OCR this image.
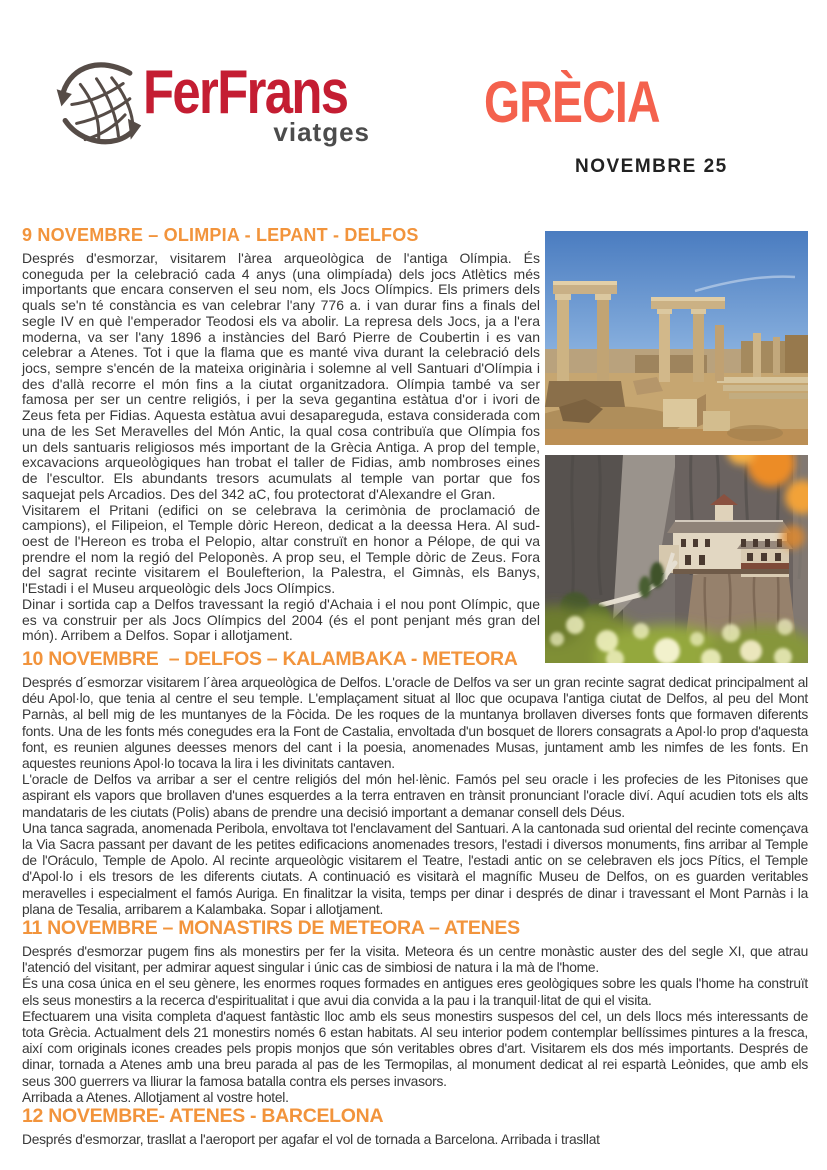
FerFrans
viatges GRÈCIA
NOVEMBRE 25
9 NOVEMBRE – OLIMPIA - LEPANT - DELFOS

Després d'esmorzar, visitarem l'àrea arqueològica de l'antiga Olímpia. És coneguda per la celebració cada 4 anys (una olimpíada) dels jocs Atlètics més importants que encara conserven el seu nom, els Jocs Olímpics. Els primers dels quals se'n té constància es van celebrar l'any 776 a. i van durar fins a finals del segle IV en què l'emperador Teodosi els va abolir. La represa dels Jocs, ja a l'era moderna, va ser l'any 1896 a instàncies del Baró Pierre de Coubertin i es van celebrar a Atenes. Tot i que la flama que es manté viva durant la celebració dels jocs, sempre s'encén de la mateixa originària i solemne al vell Santuari d'Olímpia i des d'allà recorre el món fins a la ciutat organitzadora. Olímpia també va ser famosa per ser un centre religiós, i per la seva gegantina estàtua d'or i ivori de Zeus feta per Fidias. Aquesta estàtua avui desapareguda, estava considerada com una de les Set Meravelles del Món Antic, la qual cosa contribuïa que Olímpia fos un dels santuaris religiosos més important de la Grècia Antiga. A prop del temple, excavacions arqueològiques han trobat el taller de Fidias, amb nombroses eines de l'escultor. Els abundants tresors acumulats al temple van portar que fos saquejat pels Arcadios. Des del 342 aC, fou protectorat d'Alexandre el Gran.

Visitarem el Pritani (edifici on se celebrava la cerimònia de proclamació de campions), el Filipeion, el Temple dòric Hereon, dedicat a la deessa Hera. Al sud-oest de l'Hereon es troba el Pelopio, altar construït en honor a Pélope, de qui va prendre el nom la regió del Peloponès. A prop seu, el Temple dòric de Zeus. Fora del sagrat recinte visitarem el Boulefterion, la Palestra, el Gimnàs, els Banys, l'Estadi i el Museu arqueològic dels Jocs Olímpics.

Dinar i sortida cap a Delfos travessant la regió d'Achaia i el nou pont Olímpic, que es va construir per als Jocs Olímpics del 2004 (és el pont penjant més gran del món). Arribem a Delfos. Sopar i allotjament.

10 NOVEMBRE  – DELFOS – KALAMBAKA - METEORA

Després d´esmorzar visitarem l´àrea arqueològica de Delfos. L'oracle de Delfos va ser un gran recinte sagrat dedicat principalment al déu Apol·lo, que tenia al centre el seu temple. L'emplaçament situat al lloc que ocupava l'antiga ciutat de Delfos, al peu del Mont Parnàs, al bell mig de les muntanyes de la Fòcida. De les roques de la muntanya brollaven diverses fonts que formaven diferents fonts. Una de les fonts més conegudes era la Font de Castalia, envoltada d'un bosquet de llorers consagrats a Apol·lo prop d'aquesta font, es reunien algunes deesses menors del cant i la poesia, anomenades Musas, juntament amb les nimfes de les fonts. En aquestes reunions Apol·lo tocava la lira i les divinitats cantaven.

L'oracle de Delfos va arribar a ser el centre religiós del món hel·lènic. Famós pel seu oracle i les profecies de les Pitonises que aspirant els vapors que brollaven d'unes esquerdes a la terra entraven en trànsit pronunciant l'oracle diví. Aquí acudien tots els alts mandataris de les ciutats (Polis) abans de prendre una decisió important a demanar consell dels Déus.

Una tanca sagrada, anomenada Peribola, envoltava tot l'enclavament del Santuari. A la cantonada sud oriental del recinte començava la Via Sacra passant per davant de les petites edificacions anomenades tresors, l'estadi i diversos monuments, fins arribar al Temple de l'Oráculo, Temple de Apolo. Al recinte arqueològic visitarem el Teatre, l'estadi antic on se celebraven els jocs Pítics, el Temple d'Apol·lo i els tresors de les diferents ciutats. A continuació es visitarà el magnífic Museu de Delfos, on es guarden veritables meravelles i especialment el famós Auriga. En finalitzar la visita, temps per dinar i després de dinar i travessant el Mont Parnàs i la plana de Tesalia, arribarem a Kalambaka. Sopar i allotjament.

11 NOVEMBRE – MONASTIRS DE METEORA – ATENES

Després d'esmorzar pugem fins als monestirs per fer la visita. Meteora és un centre monàstic auster des del segle XI, que atrau l'atenció del visitant, per admirar aquest singular i únic cas de simbiosi de natura i la mà de l'home.

És una cosa única en el seu gènere, les enormes roques formades en antigues eres geològiques sobre les quals l'home ha construït els seus monestirs a la recerca d'espiritualitat i que avui dia convida a la pau i la tranquil·litat de qui el visita.

Efectuarem una visita completa d'aquest fantàstic lloc amb els seus monestirs suspesos del cel, un dels llocs més interessants de tota Grècia. Actualment dels 21 monestirs només 6 estan habitats. Al seu interior podem contemplar bellíssimes pintures a la fresca, així com originals icones creades pels propis monjos que són veritables obres d'art. Visitarem els dos més importants. Després de dinar, tornada a Atenes amb una breu parada al pas de les Termopilas, al monument dedicat al rei espartà Leònides, que amb els seus 300 guerrers va lliurar la famosa batalla contra els perses invasors.

Arribada a Atenes. Allotjament al vostre hotel.

12 NOVEMBRE- ATENES - BARCELONA

Després d'esmorzar, trasllat a l'aeroport per agafar el vol de tornada a Barcelona. Arribada i trasllat
